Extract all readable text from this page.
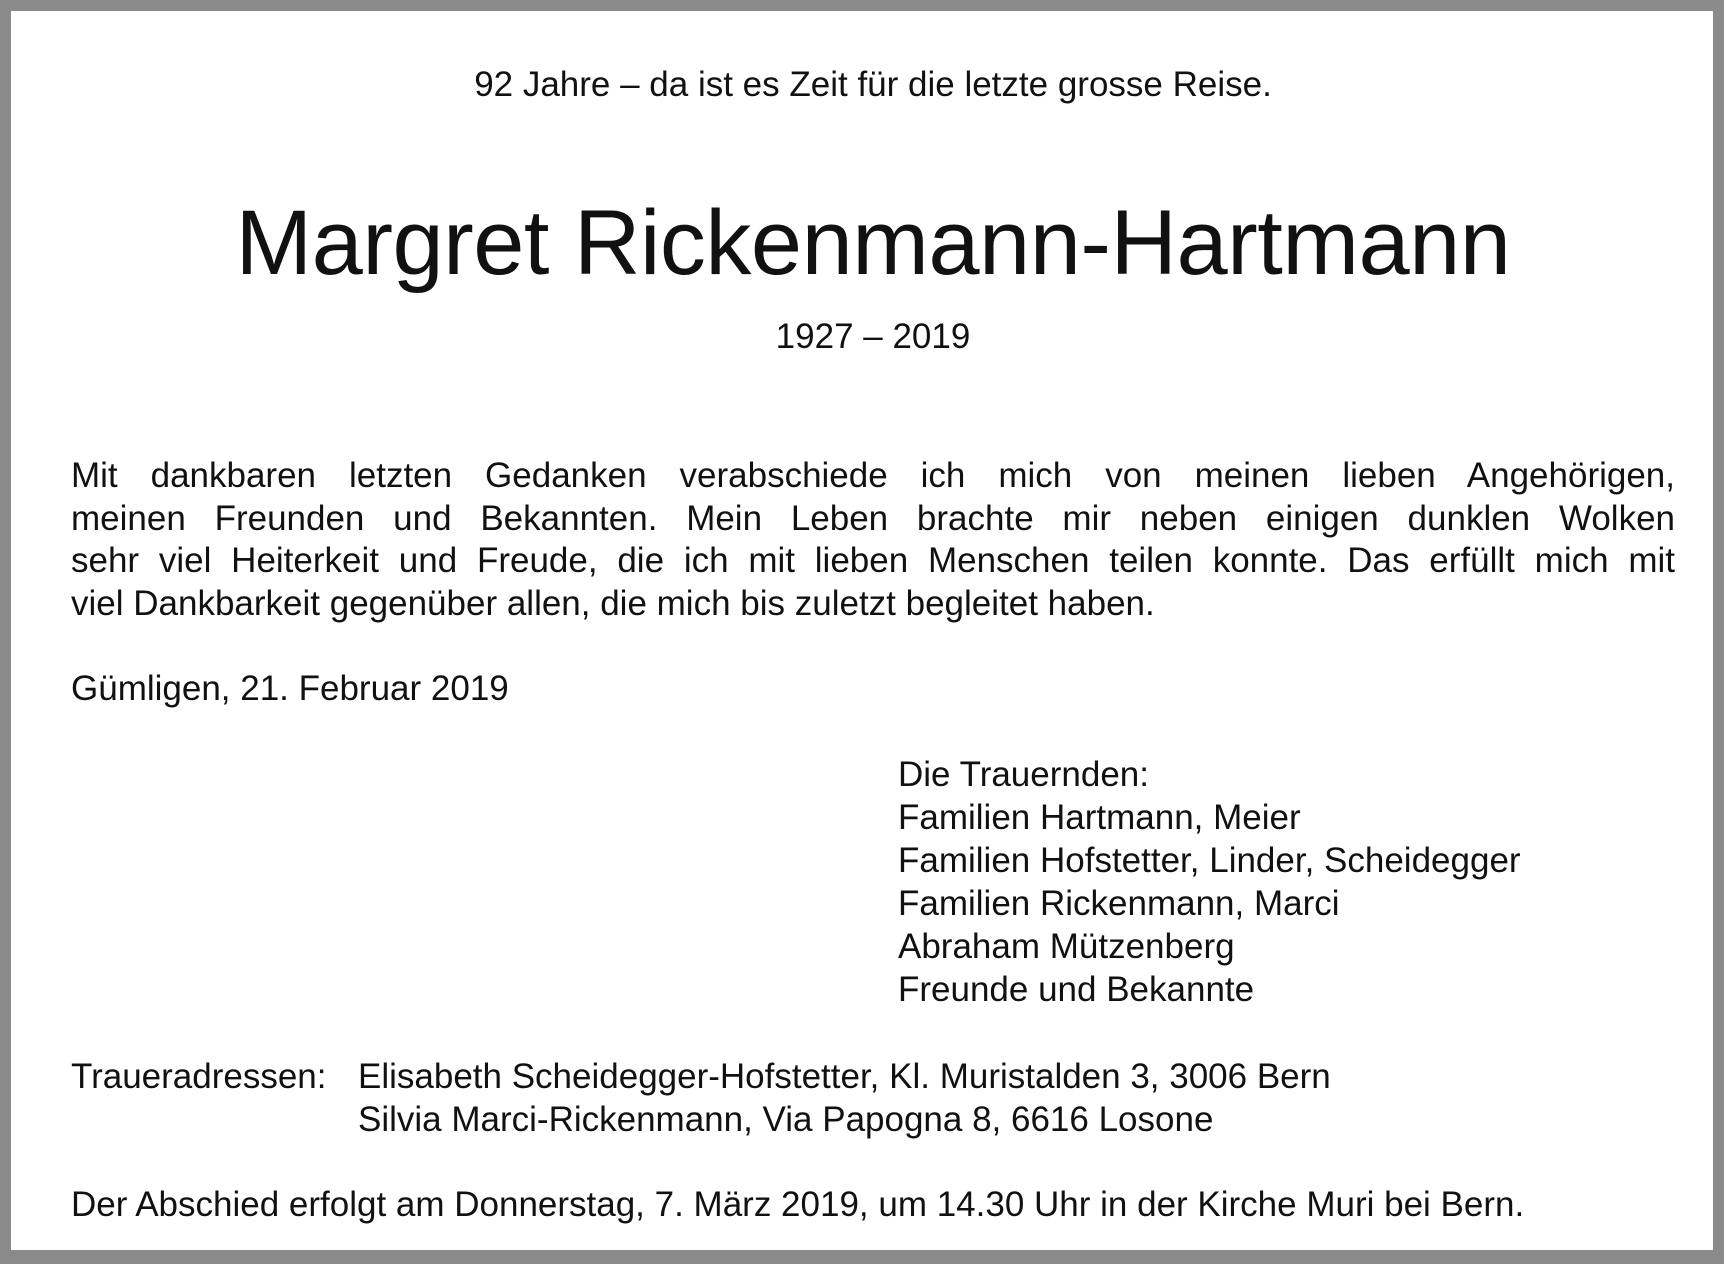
92 Jahre – da ist es Zeit für die letzte grosse Reise.
Margret Rickenmann-Hartmann
1927 – 2019
Mit dankbaren letzten Gedanken verabschiede ich mich von meinen lieben Angehörigen,
meinen Freunden und Bekannten. Mein Leben brachte mir neben einigen dunklen Wolken
sehr viel Heiterkeit und Freude, die ich mit lieben Menschen teilen konnte. Das erfüllt mich mit
viel Dankbarkeit gegenüber allen, die mich bis zuletzt begleitet haben.
Gümligen, 21. Februar 2019
Die Trauernden:
Familien Hartmann, Meier
Familien Hofstetter, Linder, Scheidegger
Familien Rickenmann, Marci
Abraham Mützenberg
Freunde und Bekannte
Traueradressen: Elisabeth Scheidegger-Hofstetter, Kl. Muristalden 3, 3006 Bern
Silvia Marci-Rickenmann, Via Papogna 8, 6616 Losone
Der Abschied erfolgt am Donnerstag, 7. März 2019, um 14.30 Uhr in der Kirche Muri bei Bern.
